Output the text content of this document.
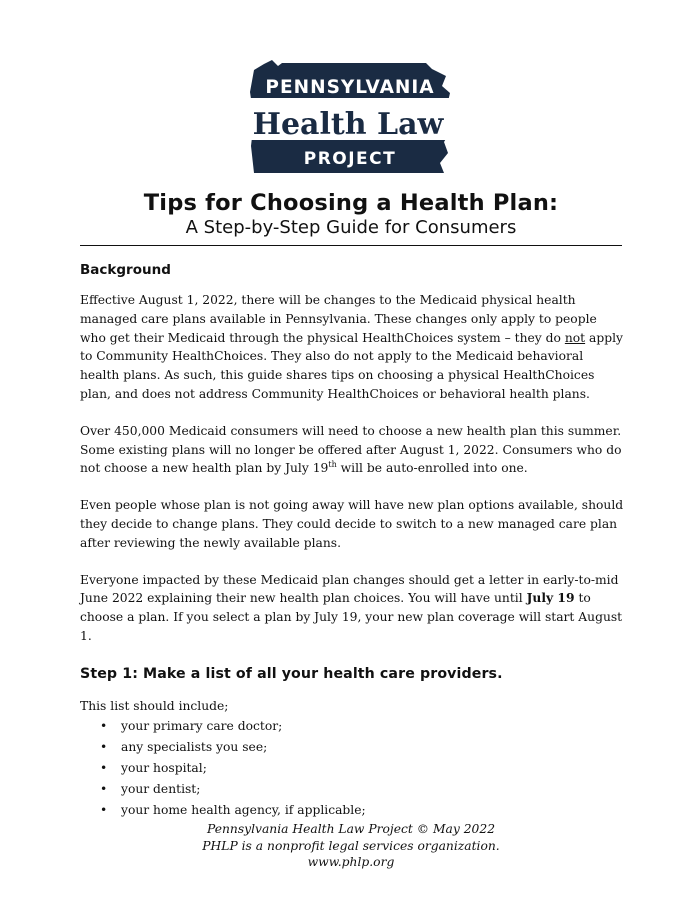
PENNSYLVANIA
Health Law
PROJECT
Tips for Choosing a Health Plan:
A Step-by-Step Guide for Consumers
Background

Effective August 1, 2022, there will be changes to the Medicaid physical health managed care plans available in Pennsylvania. These changes only apply to people who get their Medicaid through the physical HealthChoices system – they do not apply to Community HealthChoices. They also do not apply to the Medicaid behavioral health plans. As such, this guide shares tips on choosing a physical HealthChoices plan, and does not address Community HealthChoices or behavioral health plans.

Over 450,000 Medicaid consumers will need to choose a new health plan this summer. Some existing plans will no longer be offered after August 1, 2022. Consumers who do not choose a new health plan by July 19th will be auto-enrolled into one.

Even people whose plan is not going away will have new plan options available, should they decide to change plans. They could decide to switch to a new managed care plan after reviewing the newly available plans.

Everyone impacted by these Medicaid plan changes should get a letter in early-to-mid June 2022 explaining their new health plan choices. You will have until July 19 to choose a plan. If you select a plan by July 19, your new plan coverage will start August 1.

Step 1: Make a list of all your health care providers.

This list should include;

• your primary care doctor;
• any specialists you see;
• your hospital;
• your dentist;
• your home health agency, if applicable;
Pennsylvania Health Law Project © May 2022
PHLP is a nonprofit legal services organization.
www.phlp.org
